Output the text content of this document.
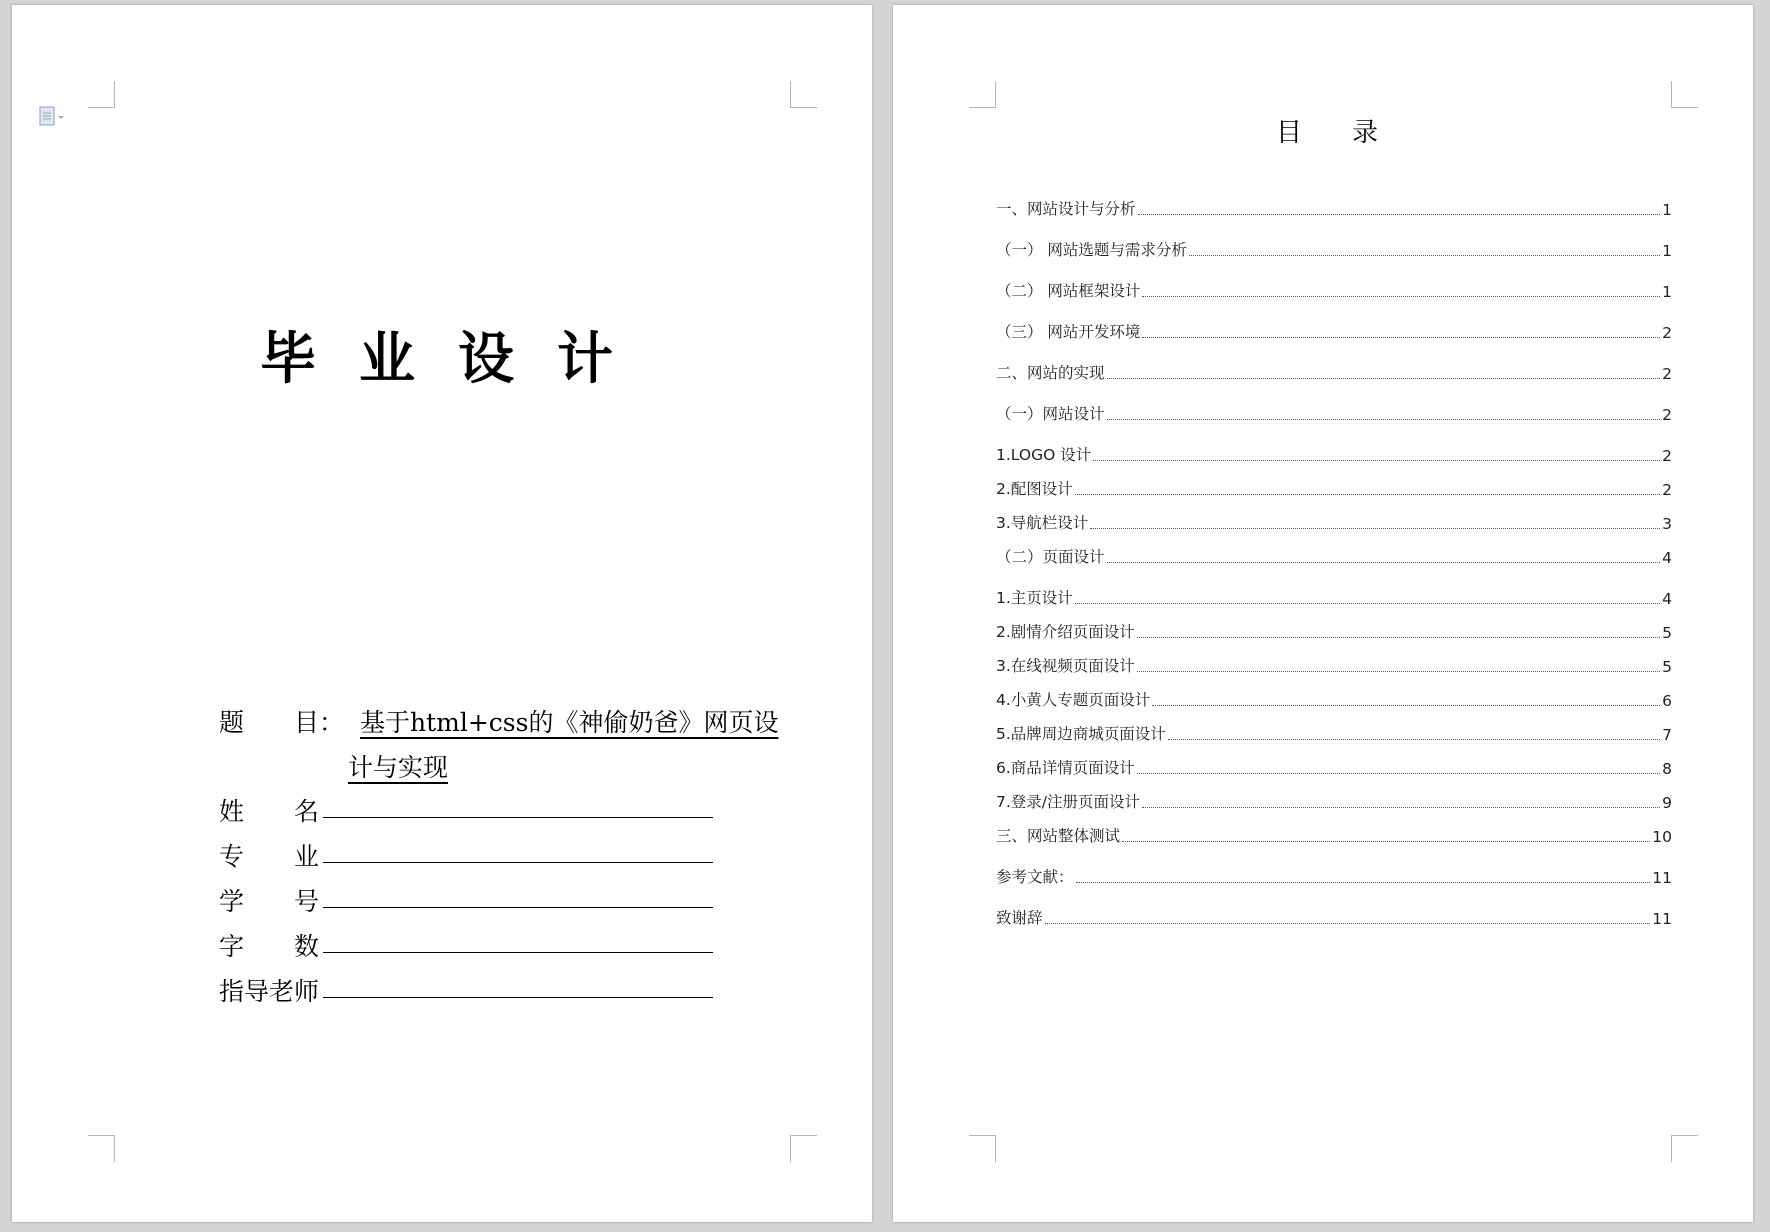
毕业设计
题　　目： 基于html+css的《神偷奶爸》网页设
计与实现
姓　　名
专　　业
学　　号
字　　数
指导老师
目录
一、网站设计与分析	1
（一） 网站选题与需求分析	1
（二） 网站框架设计	1
（三） 网站开发环境	2
二、网站的实现	2
（一）网站设计	2
1.LOGO 设计	2
2.配图设计	2
3.导航栏设计	3
（二）页面设计	4
1.主页设计	4
2.剧情介绍页面设计	5
3.在线视频页面设计	5
4.小黄人专题页面设计	6
5.品牌周边商城页面设计	7
6.商品详情页面设计	8
7.登录/注册页面设计	9
三、网站整体测试	10
参考文献：	11
致谢辞	11
